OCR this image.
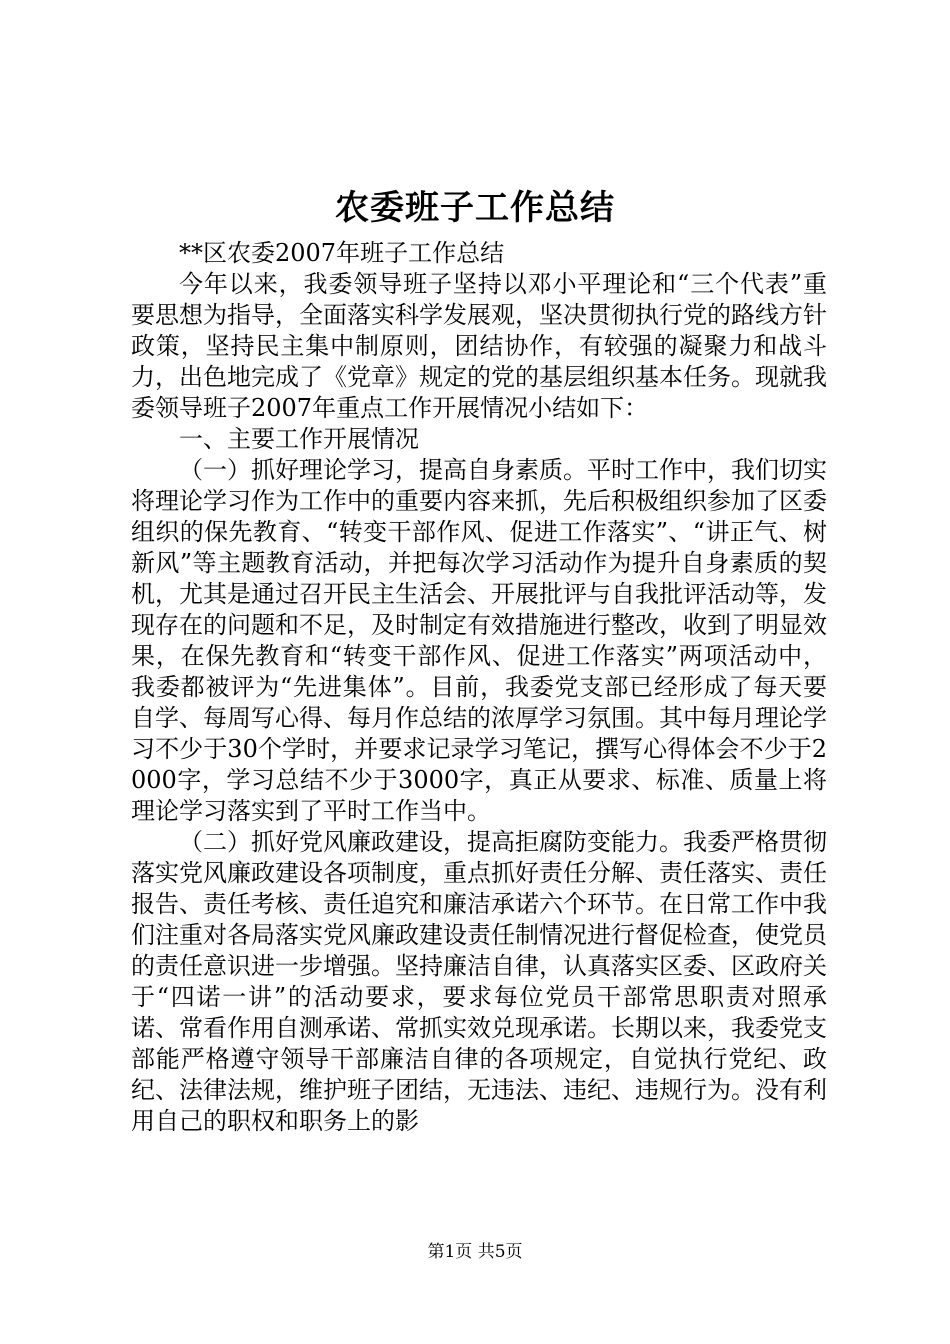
农委班子工作总结

**区农委2007年班子工作总结

今年以来，我委领导班子坚持以邓小平理论和“三个代表”重要思想为指导，全面落实科学发展观，坚决贯彻执行党的路线方针政策，坚持民主集中制原则，团结协作，有较强的凝聚力和战斗力，出色地完成了《党章》规定的党的基层组织基本任务。现就我委领导班子2007年重点工作开展情况小结如下：

一、主要工作开展情况

（一）抓好理论学习，提高自身素质。平时工作中，我们切实将理论学习作为工作中的重要内容来抓，先后积极组织参加了区委组织的保先教育、“转变干部作风、促进工作落实”、“讲正气、树新风”等主题教育活动，并把每次学习活动作为提升自身素质的契机，尤其是通过召开民主生活会、开展批评与自我批评活动等，发现存在的问题和不足，及时制定有效措施进行整改，收到了明显效果，在保先教育和“转变干部作风、促进工作落实”两项活动中，我委都被评为“先进集体”。目前，我委党支部已经形成了每天要自学、每周写心得、每月作总结的浓厚学习氛围。其中每月理论学习不少于30个学时，并要求记录学习笔记，撰写心得体会不少于2000字，学习总结不少于3000字，真正从要求、标准、质量上将理论学习落实到了平时工作当中。

（二）抓好党风廉政建设，提高拒腐防变能力。我委严格贯彻落实党风廉政建设各项制度，重点抓好责任分解、责任落实、责任报告、责任考核、责任追究和廉洁承诺六个环节。在日常工作中我们注重对各局落实党风廉政建设责任制情况进行督促检查，使党员的责任意识进一步增强。坚持廉洁自律，认真落实区委、区政府关于“四诺一讲”的活动要求，要求每位党员干部常思职责对照承诺、常看作用自测承诺、常抓实效兑现承诺。长期以来，我委党支部能严格遵守领导干部廉洁自律的各项规定，自觉执行党纪、政纪、法律法规，维护班子团结，无违法、违纪、违规行为。没有利用自己的职权和职务上的影

第1页 共5页
